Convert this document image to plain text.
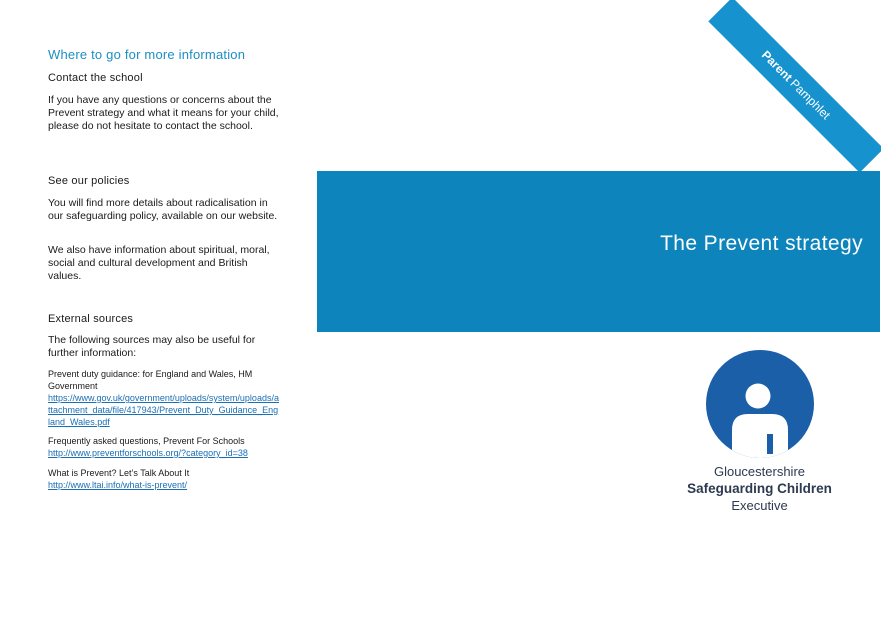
Where to go for more information
Contact the school
If you have any questions or concerns about the Prevent strategy and what it means for your child, please do not hesitate to contact the school.
See our policies
You will find more details about radicalisation in our safeguarding policy, available on our website.
We also have information about spiritual, moral, social and cultural development and British values.
External sources
The following sources may also be useful for further information:
Prevent duty guidance: for England and Wales, HM Government
https://www.gov.uk/government/uploads/system/uploads/attachment_data/file/417943/Prevent_Duty_Guidance_England_Wales.pdf
Frequently asked questions, Prevent For Schools
http://www.preventforschools.org/?category_id=38
What is Prevent? Let’s Talk About It
http://www.ltai.info/what-is-prevent/
Parent
Pamphlet
The Prevent strategy
Gloucestershire
Safeguarding Children
Executive
